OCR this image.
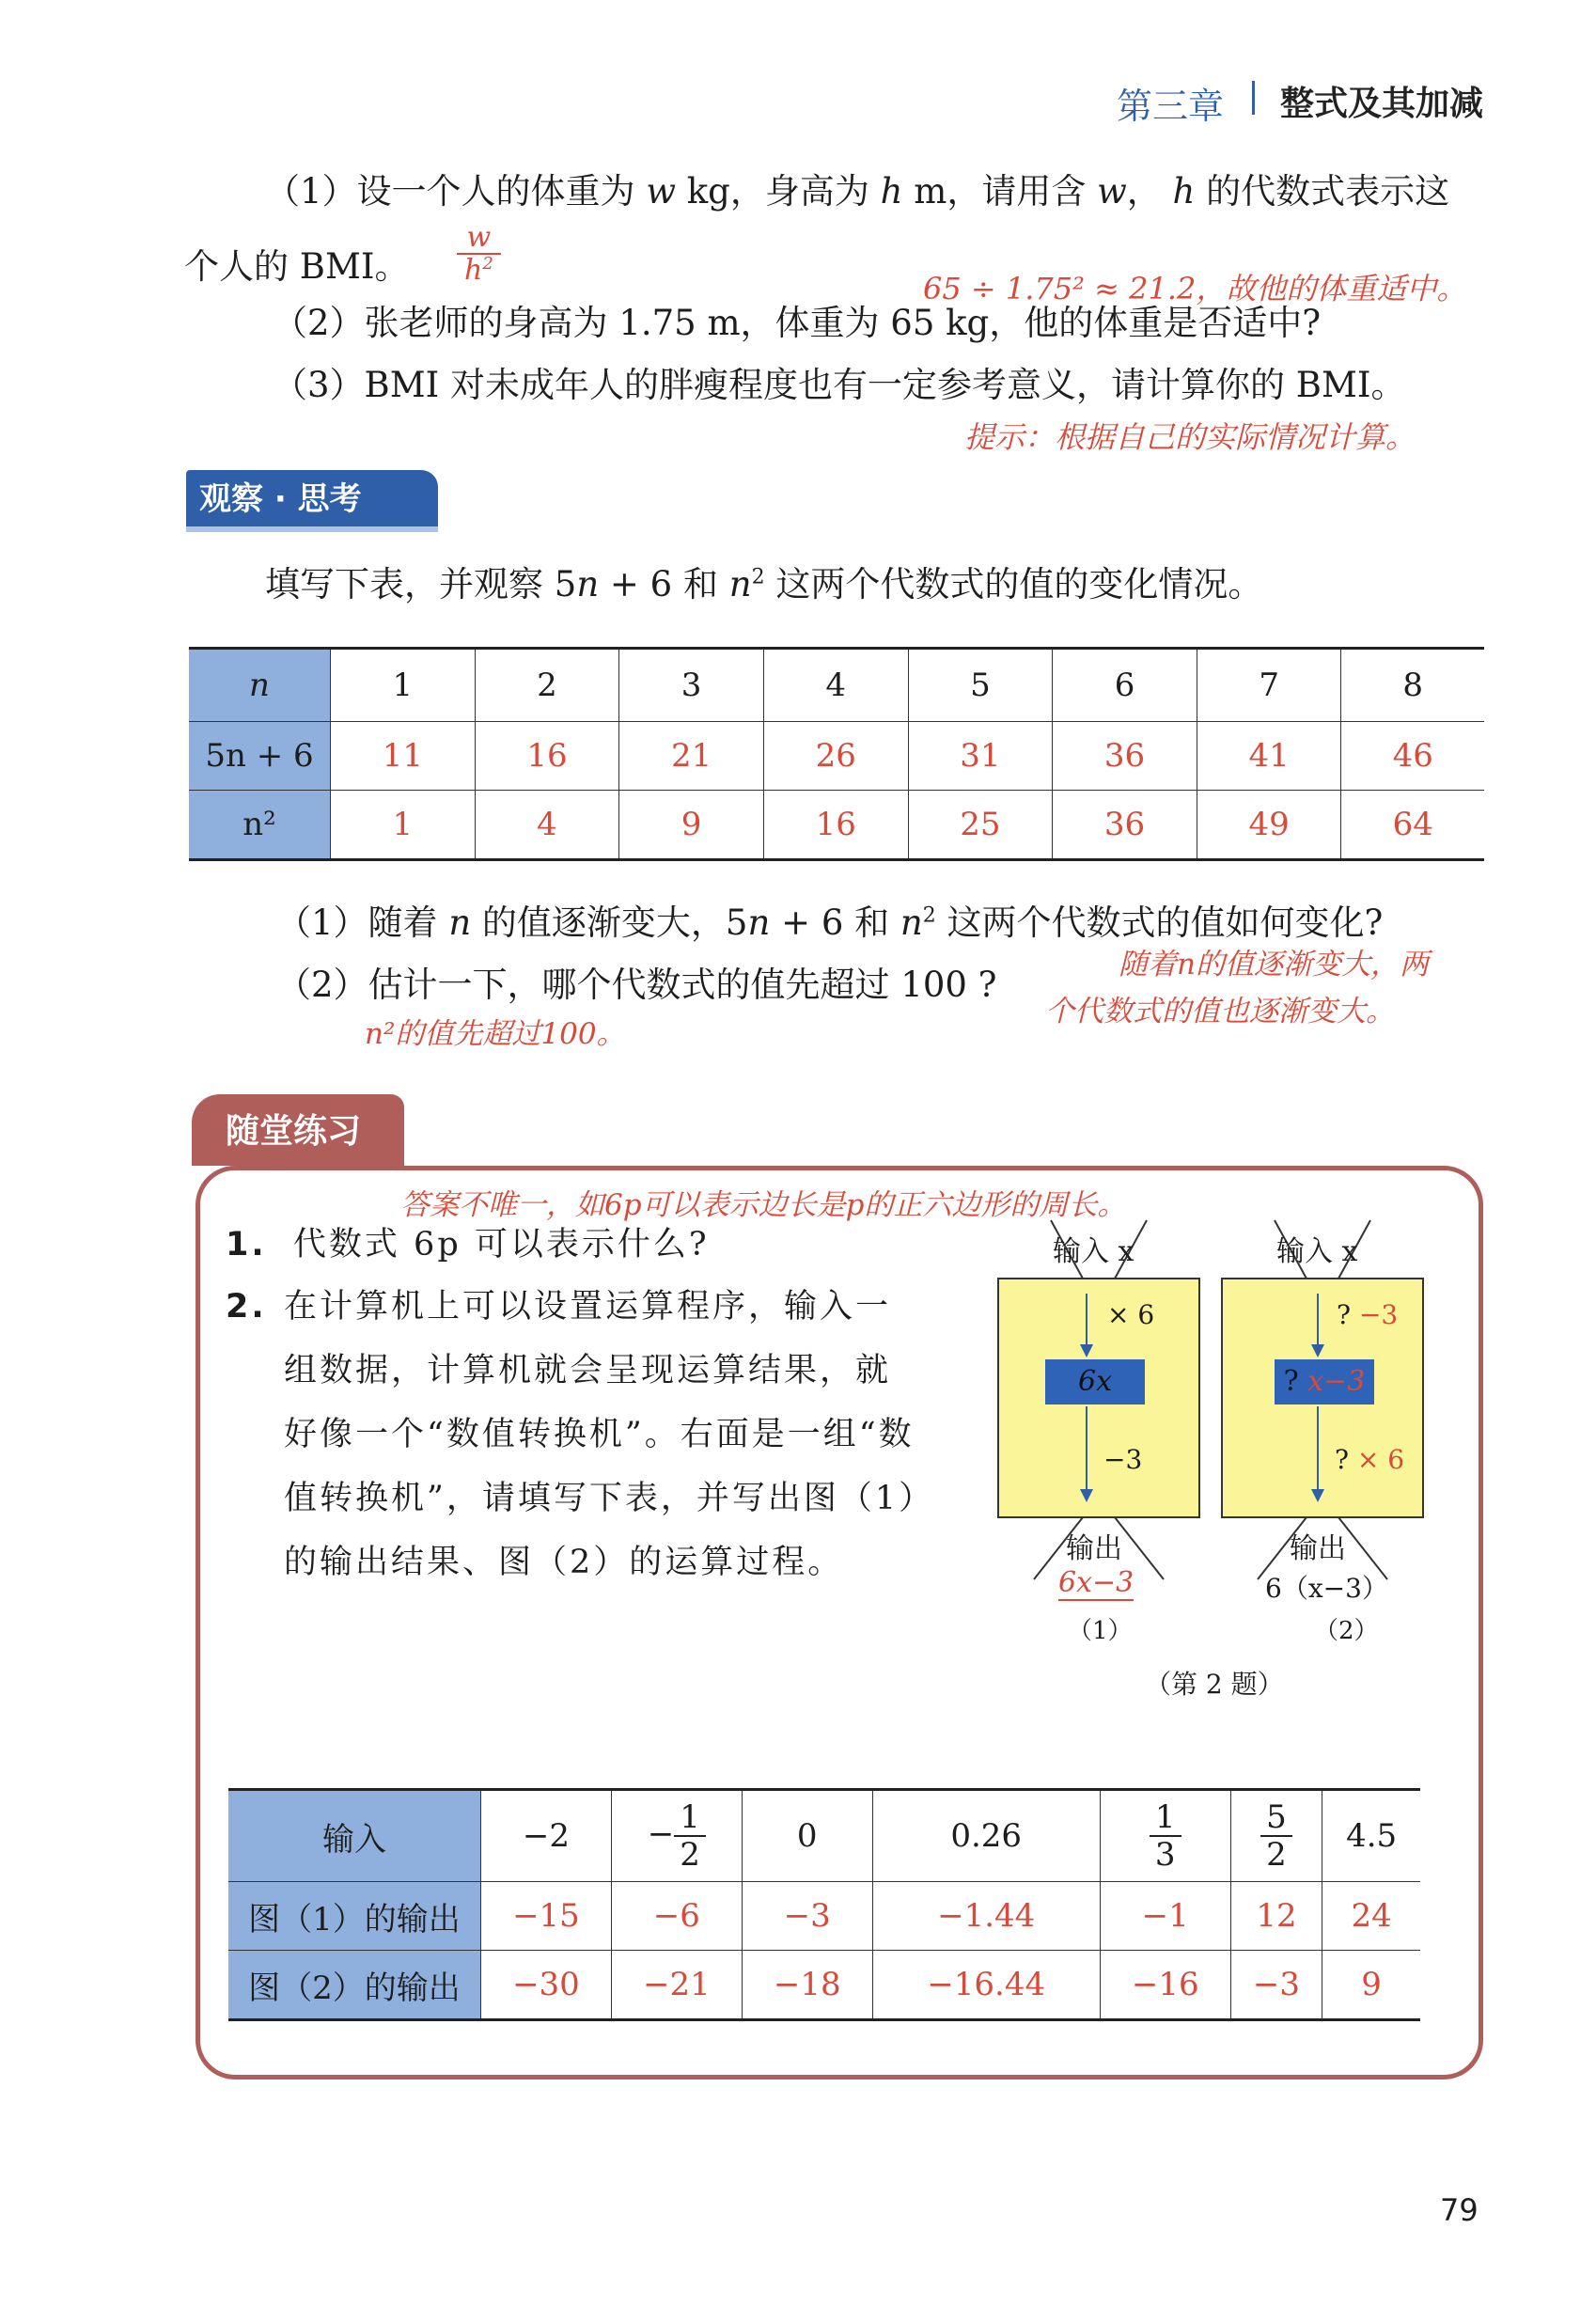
第三章 整式及其加减
（1）设一个人的体重为 w kg，身高为 h m，请用含 w， h 的代数式表示这
个人的 BMI。
w
$h^2$
65 ÷ 1.75² ≈ 21.2，故他的体重适中。
（2）张老师的身高为 1.75 m，体重为 65 kg，他的体重是否适中?
（3）BMI 对未成年人的胖瘦程度也有一定参考意义，请计算你的 BMI。
提示：根据自己的实际情况计算。
观察 · 思考
填写下表，并观察 5n + 6 和 $n^2$ 这两个代数式的值的变化情况。
n	1	2	3	4	5	6	7	8
5n + 6	11	16	21	26	31	36	41	46
n²	1	4	9	16	25	36	49	64
（1）随着 n 的值逐渐变大，5n + 6 和 $n^2$ 这两个代数式的值如何变化?
（2）估计一下，哪个代数式的值先超过 100 ?	随着n的值逐渐变大，两
个代数式的值也逐渐变大。
n²的值先超过100。
随堂练习
答案不唯一，如6p可以表示边长是p的正六边形的周长。
1. 代数式 6p 可以表示什么?
2. 在计算机上可以设置运算程序，输入一
组数据，计算机就会呈现运算结果，就
好像一个“数值转换机”。右面是一组“数
值转换机”，请填写下表，并写出图（1）
的输出结果、图（2）的运算过程。
输入 x
× 6
6x
−3
输出
6x−3
（1）
输入 x
? −3
? x−3
? × 6
输出
6（x−3）
（2）
（第 2 题）
输入	−2	− $\frac{1}{2}$	0	0.26	$\frac{1}{3}$	$\frac{5}{2}$	4.5
图（1）的输出	−15	−6	−3	−1.44	−1	12	24
图（2）的输出	−30	−21	−18	−16.44	−16	−3	9
79
